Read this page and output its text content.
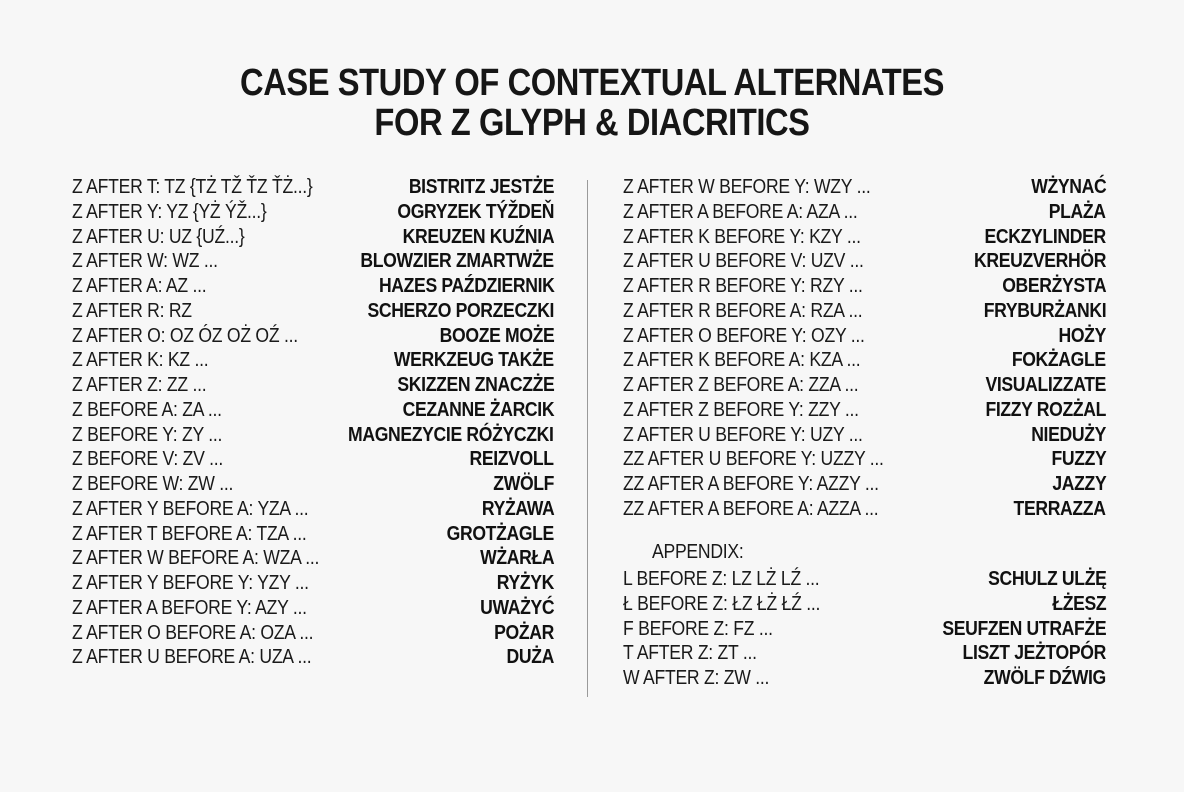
CASE STUDY OF CONTEXTUAL ALTERNATES
FOR Z GLYPH & DIACRITICS
Z AFTER T: TZ {TŻ TŽ ŤZ ŤŻ...}	BISTRITZ JESTŻE
Z AFTER Y: YZ {YŻ ÝŽ...}	OGRYZEK TÝŽDEŇ
Z AFTER U: UZ {UŹ...}	KREUZEN KUŹNIA
Z AFTER W: WZ ...	BLOWZIER ZMARTWŻE
Z AFTER A: AZ ...	HAZES PAŹDZIERNIK
Z AFTER R: RZ	SCHERZO PORZECZKI
Z AFTER O: OZ ÓZ OŻ OŹ ...	BOOZE MOŻE
Z AFTER K: KZ ...	WERKZEUG TAKŻE
Z AFTER Z: ZZ ...	SKIZZEN ZNACZŻE
Z BEFORE A: ZA ...	CEZANNE ŻARCIK
Z BEFORE Y: ZY ...	MAGNEZYCIE RÓŻYCZKI
Z BEFORE V: ZV ...	REIZVOLL
Z BEFORE W: ZW ...	ZWÖLF
Z AFTER Y BEFORE A: YZA ...	RYŻAWA
Z AFTER T BEFORE A: TZA ...	GROTŻAGLE
Z AFTER W BEFORE A: WZA ...	WŻARŁA
Z AFTER Y BEFORE Y: YZY ...	RYŻYK
Z AFTER A BEFORE Y: AZY ...	UWAŻYĆ
Z AFTER O BEFORE A: OZA ...	POŻAR
Z AFTER U BEFORE A: UZA ...	DUŻA
Z AFTER W BEFORE Y: WZY ...	WŻYNAĆ
Z AFTER A BEFORE A: AZA ...	PLAŻA
Z AFTER K BEFORE Y: KZY ...	ECKZYLINDER
Z AFTER U BEFORE V: UZV ...	KREUZVERHÖR
Z AFTER R BEFORE Y: RZY ...	OBERŻYSTA
Z AFTER R BEFORE A: RZA ...	FRYBURŻANKI
Z AFTER O BEFORE Y: OZY ...	HOŻY
Z AFTER K BEFORE A: KZA ...	FOKŻAGLE
Z AFTER Z BEFORE A: ZZA ...	VISUALIZZATE
Z AFTER Z BEFORE Y: ZZY ...	FIZZY ROZŻAL
Z AFTER U BEFORE Y: UZY ...	NIEDUŻY
ZZ AFTER U BEFORE Y: UZZY ...	FUZZY
ZZ AFTER A BEFORE Y: AZZY ...	JAZZY
ZZ AFTER A BEFORE A: AZZA ...	TERRAZZA
APPENDIX:
L BEFORE Z: LZ LŻ LŹ ...	SCHULZ ULŻĘ
Ł BEFORE Z: ŁZ ŁŻ ŁŹ ...	ŁŻESZ
F BEFORE Z: FZ ...	SEUFZEN UTRAFŻE
T AFTER Z: ZT ...	LISZT JEŻTOPÓR
W AFTER Z: ZW ...	ZWÖLF DŹWIG
